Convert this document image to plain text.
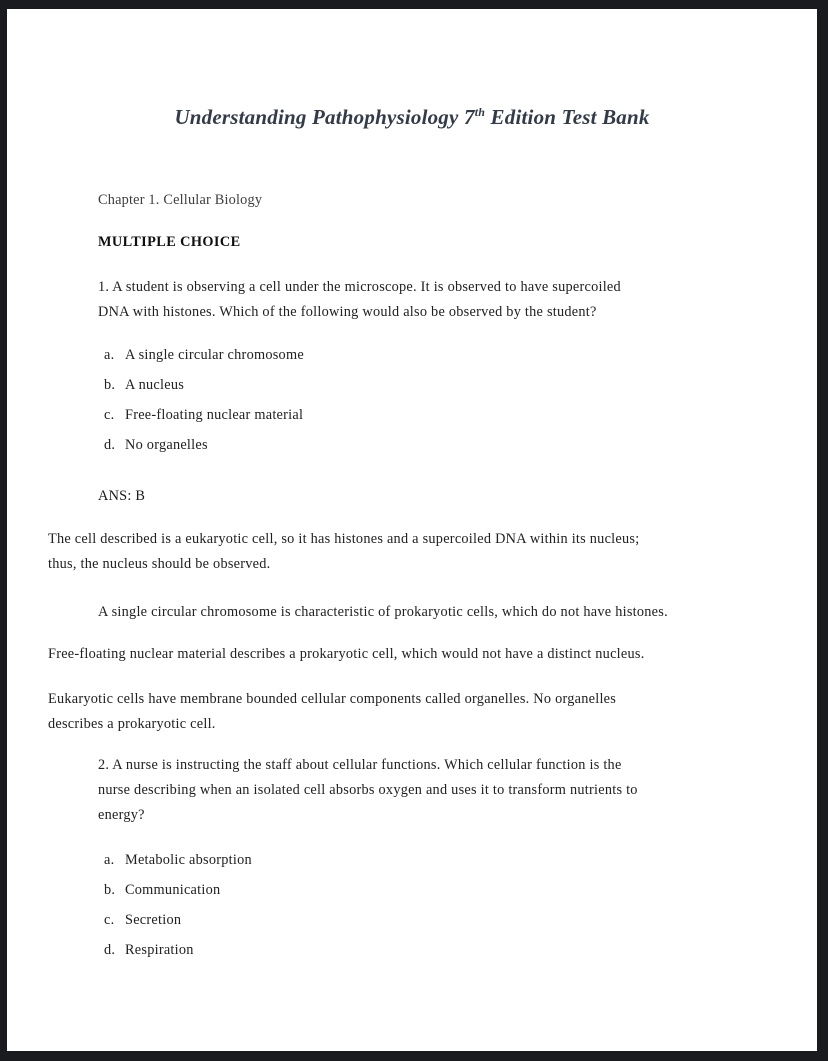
Understanding Pathophysiology 7th Edition Test Bank
Chapter 1. Cellular Biology
MULTIPLE CHOICE
1. A student is observing a cell under the microscope. It is observed to have supercoiled
DNA with histones. Which of the following would also be observed by the student?
a. A single circular chromosome
b. A nucleus
c. Free-floating nuclear material
d. No organelles
ANS: B
The cell described is a eukaryotic cell, so it has histones and a supercoiled DNA within its nucleus;
thus, the nucleus should be observed.
A single circular chromosome is characteristic of prokaryotic cells, which do not have histones.
Free-floating nuclear material describes a prokaryotic cell, which would not have a distinct nucleus.
Eukaryotic cells have membrane bounded cellular components called organelles. No organelles
describes a prokaryotic cell.
2. A nurse is instructing the staff about cellular functions. Which cellular function is the
nurse describing when an isolated cell absorbs oxygen and uses it to transform nutrients to
energy?
a. Metabolic absorption
b. Communication
c. Secretion
d. Respiration
